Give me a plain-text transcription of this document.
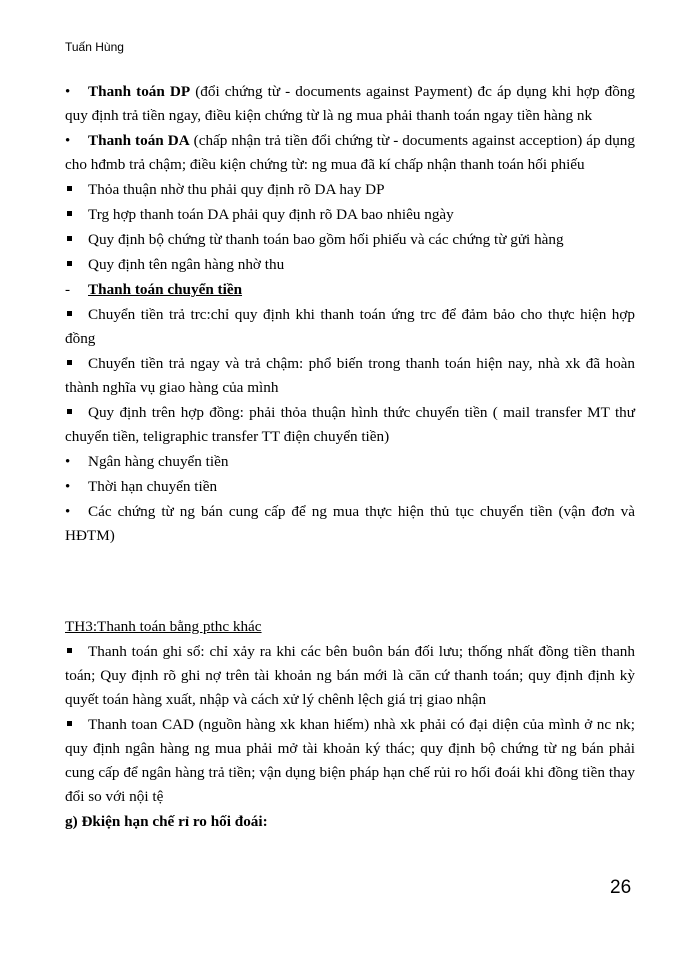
Tuấn Hùng

•Thanh toán DP (đổi chứng từ - documents against Payment) đc áp dụng khi hợp đồng quy định trả tiền ngay, điều kiện chứng từ là ng mua phải thanh toán ngay tiền hàng nk

•Thanh toán DA (chấp nhận trả tiền đổi chứng từ - documents against acception) áp dụng cho hđmb trả chậm; điều kiện chứng từ: ng mua đã kí chấp nhận thanh toán hối phiếu

Thỏa thuận nhờ thu phải quy định rõ DA hay DP

Trg hợp thanh toán DA phải quy định rõ DA bao nhiêu ngày

Quy định bộ chứng từ thanh toán bao gồm hối phiếu và các chứng từ gửi hàng

Quy định tên ngân hàng nhờ thu

-Thanh toán chuyển tiền

Chuyển tiền trả trc:chỉ quy định khi thanh toán ứng trc để đảm bảo cho thực hiện hợp đồng

Chuyển tiền trả ngay và trả chậm: phổ biến trong thanh toán hiện nay, nhà xk đã hoàn thành nghĩa vụ giao hàng của mình

Quy định trên hợp đồng: phải thỏa thuận hình thức chuyển tiền ( mail transfer MT thư chuyển tiền, teligraphic transfer TT điện chuyển tiền)

•Ngân hàng chuyển tiền

•Thời hạn chuyển tiền

•Các chứng từ ng bán cung cấp để ng mua thực hiện thủ tục chuyển tiền (vận đơn và HĐTM)

TH3:Thanh toán bằng pthc khác

Thanh toán ghi sổ: chỉ xảy ra khi các bên buôn bán đối lưu; thống nhất đồng tiền thanh toán; Quy định rõ ghi nợ trên tài khoản ng bán mới là căn cứ thanh toán; quy định định kỳ quyết toán hàng xuất, nhập và cách xử lý chênh lệch giá trị giao nhận

Thanh toan CAD (nguồn hàng xk khan hiếm) nhà xk phải có đại diện của mình ở nc nk; quy định ngân hàng ng mua phải mở tài khoản ký thác; quy định bộ chứng từ ng bán phải cung cấp để ngân hàng trả tiền; vận dụng biện pháp hạn chế rủi ro hối đoái khi đồng tiền thay đổi so với nội tệ

g) Đkiện hạn chế rỉ ro hối đoái:

26
